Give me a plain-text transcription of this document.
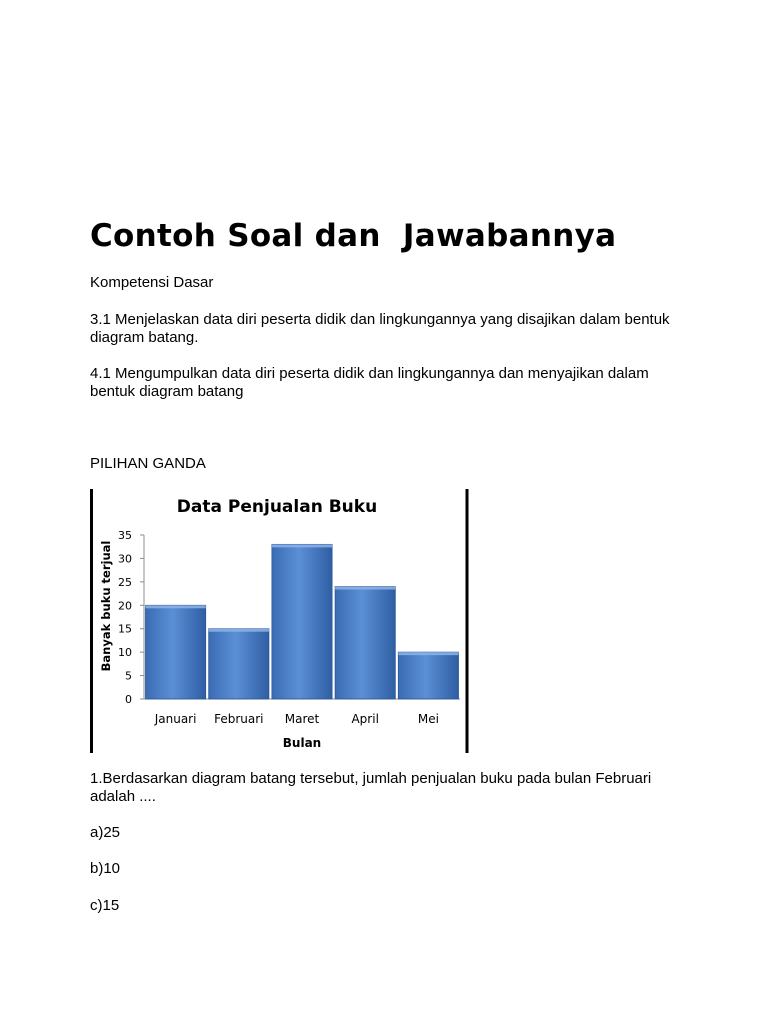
Contoh Soal dan  Jawabannya

Kompetensi Dasar

3.1 Menjelaskan data diri peserta didik dan lingkungannya yang disajikan dalam bentuk diagram batang.

4.1 Mengumpulkan data diri peserta didik dan lingkungannya dan menyajikan dalam bentuk diagram batang

PILIHAN GANDA

Data Penjualan Buku
Banyak buku terjual
Bulan
0
5
10
15
20
25
30
35
Januari Februari Maret	April	Mei

1.Berdasarkan diagram batang tersebut, jumlah penjualan buku pada bulan Februari adalah ....

a)25

b)10

c)15
